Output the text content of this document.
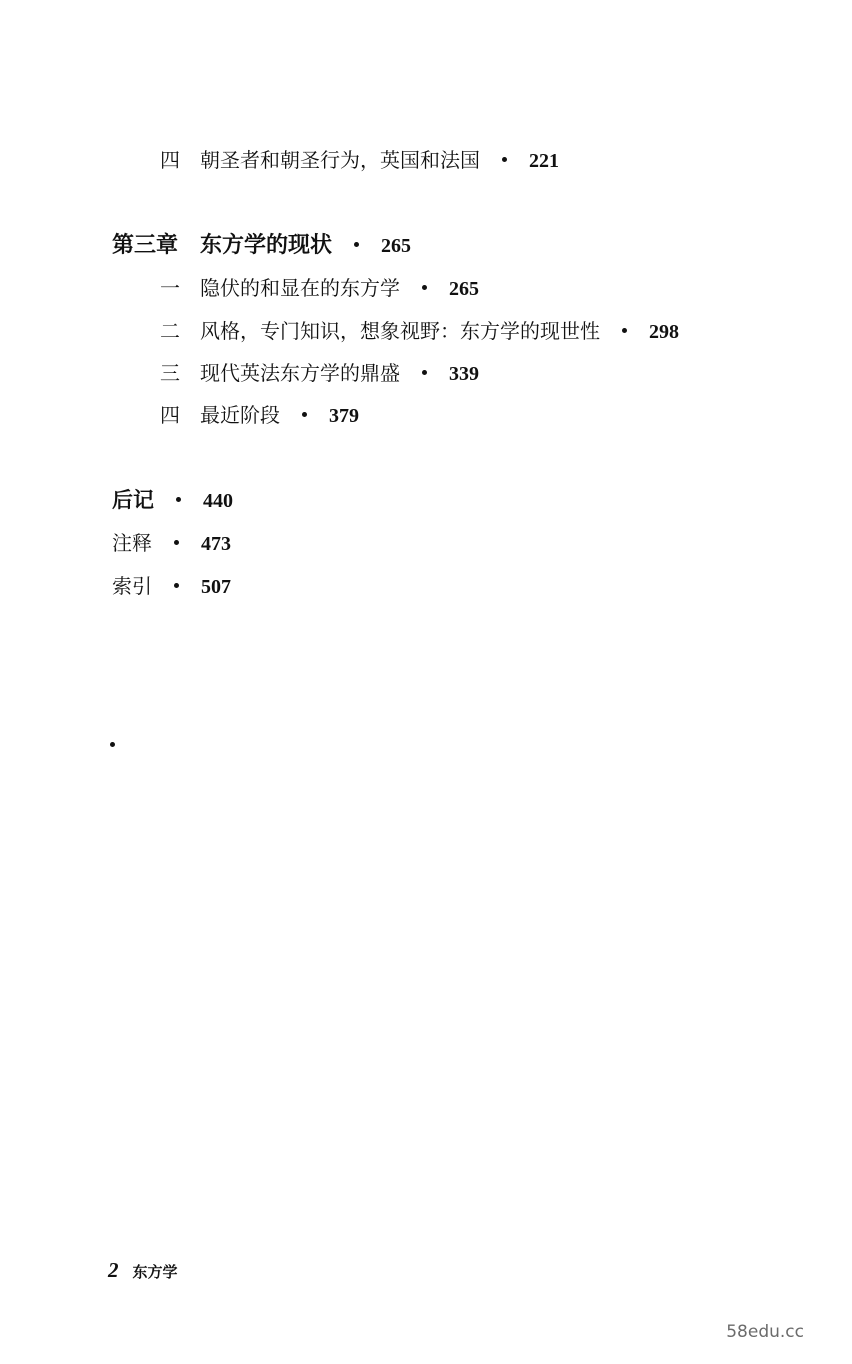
四	朝圣者和朝圣行为，英国和法国 221
第三章 东方学的现状 265
一	隐伏的和显在的东方学 265
二	风格，专门知识，想象视野：东方学的现世性 298
三	现代英法东方学的鼎盛 339
四	最近阶段 379
后记 440
注释 473
索引 507
2 东方学
58edu.cc
